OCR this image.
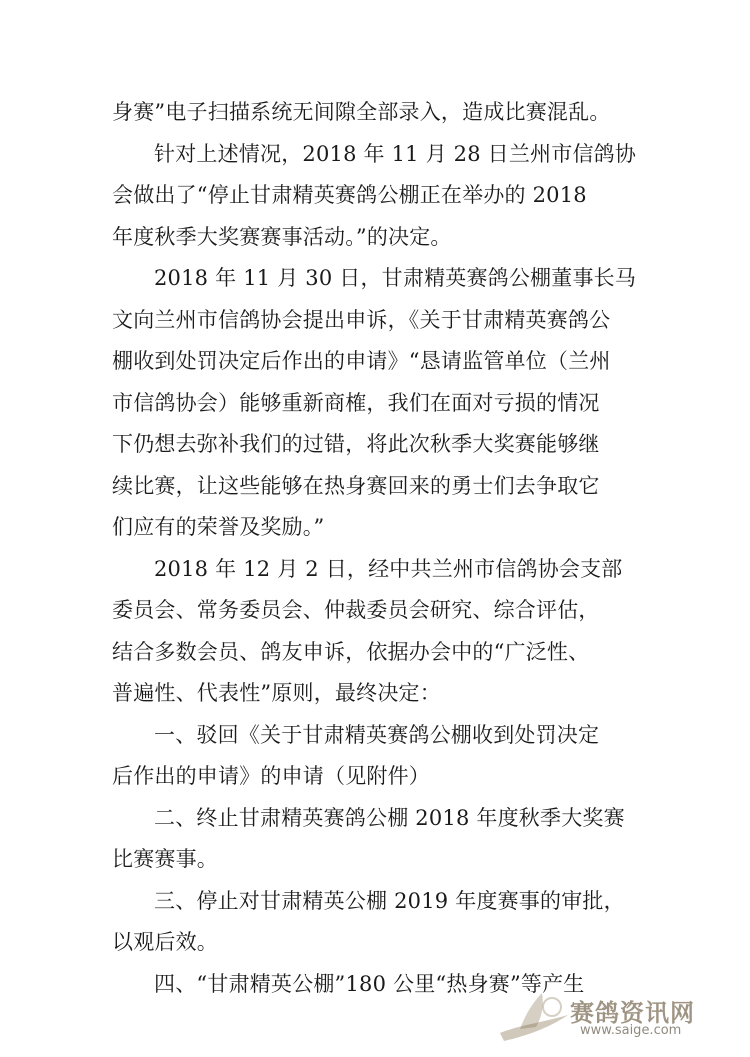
身赛”电子扫描系统无间隙全部录入，造成比赛混乱。

针对上述情况，2018 年 11 月 28 日兰州市信鸽协
会做出了“停止甘肃精英赛鸽公棚正在举办的 2018
年度秋季大奖赛赛事活动。”的决定。

2018 年 11 月 30 日，甘肃精英赛鸽公棚董事长马
文向兰州市信鸽协会提出申诉，《关于甘肃精英赛鸽公
棚收到处罚决定后作出的申请》“恳请监管单位（兰州
市信鸽协会）能够重新商榷，我们在面对亏损的情况
下仍想去弥补我们的过错，将此次秋季大奖赛能够继
续比赛，让这些能够在热身赛回来的勇士们去争取它
们应有的荣誉及奖励。”

2018 年 12 月 2 日，经中共兰州市信鸽协会支部
委员会、常务委员会、仲裁委员会研究、综合评估，
结合多数会员、鸽友申诉，依据办会中的“广泛性、
普遍性、代表性”原则，最终决定：

一、驳回《关于甘肃精英赛鸽公棚收到处罚决定
后作出的申请》的申请（见附件）

二、终止甘肃精英赛鸽公棚 2018 年度秋季大奖赛
比赛赛事。

三、停止对甘肃精英公棚 2019 年度赛事的审批，
以观后效。

四、“甘肃精英公棚”180 公里“热身赛”等产生

赛鸽资讯网
www.saige.com
